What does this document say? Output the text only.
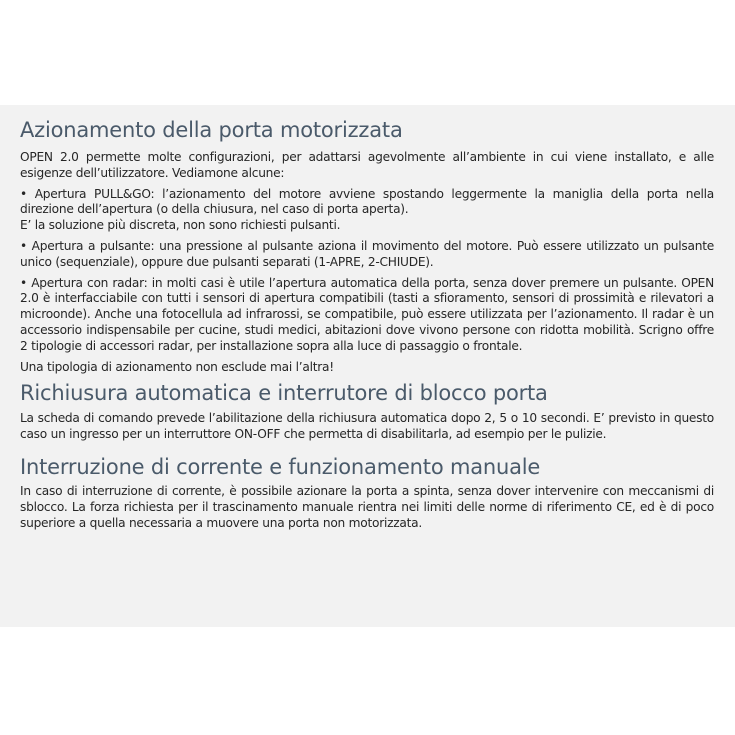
Azionamento della porta motorizzata

OPEN 2.0 permette molte configurazioni, per adattarsi agevolmente all’ambiente in cui viene installato, e alle esigenze dell’utilizzatore. Vediamone alcune:

• Apertura PULL&GO: l’azionamento del motore avviene spostando leggermente la maniglia della porta nella direzione dell’apertura (o della chiusura, nel caso di porta aperta).

E’ la soluzione più discreta, non sono richiesti pulsanti.

• Apertura a pulsante: una pressione al pulsante aziona il movimento del motore. Può essere utilizzato un pulsante unico (sequenziale), oppure due pulsanti separati (1-APRE, 2-CHIUDE).

• Apertura con radar: in molti casi è utile l’apertura automatica della porta, senza dover premere un pulsante. OPEN 2.0 è interfacciabile con tutti i sensori di apertura compatibili (tasti a sfioramento, sensori di prossimità e rilevatori a microonde). Anche una fotocellula ad infrarossi, se compatibile, può essere utilizzata per l’azionamento. Il radar è un accessorio indispensabile per cucine, studi medici, abitazioni dove vivono persone con ridotta mobilità. Scrigno offre 2 tipologie di accessori radar, per installazione sopra alla luce di passaggio o frontale.

Una tipologia di azionamento non esclude mai l’altra!

Richiusura automatica e interrutore di blocco porta

La scheda di comando prevede l’abilitazione della richiusura automatica dopo 2, 5 o 10 secondi. E’ previsto in questo caso un ingresso per un interruttore ON-OFF che permetta di disabilitarla, ad esempio per le pulizie.

Interruzione di corrente e funzionamento manuale

In caso di interruzione di corrente, è possibile azionare la porta a spinta, senza dover intervenire con meccanismi di sblocco. La forza richiesta per il trascinamento manuale rientra nei limiti delle norme di riferimento CE, ed è di poco superiore a quella necessaria a muovere una porta non motorizzata.
